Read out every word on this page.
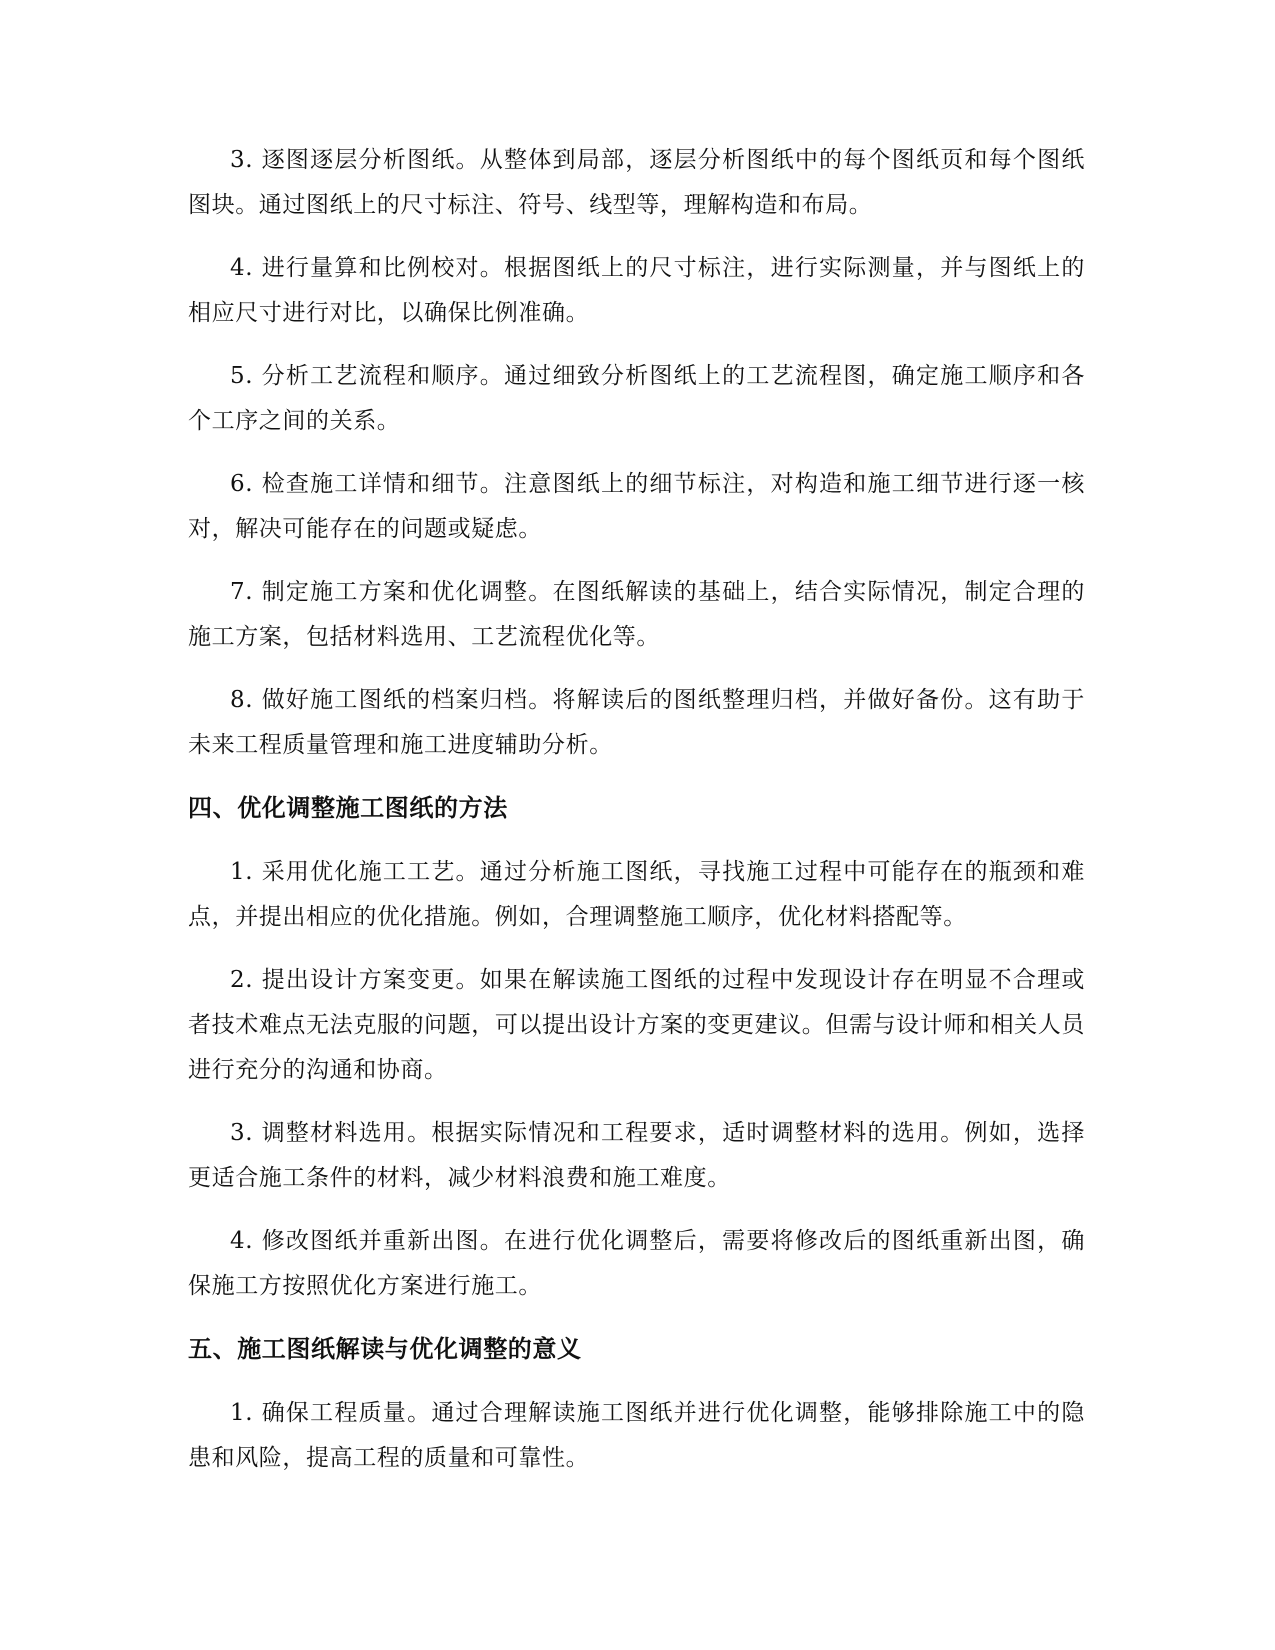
3. 逐图逐层分析图纸。从整体到局部，逐层分析图纸中的每个图纸页和每个图纸图块。通过图纸上的尺寸标注、符号、线型等，理解构造和布局。

4. 进行量算和比例校对。根据图纸上的尺寸标注，进行实际测量，并与图纸上的相应尺寸进行对比，以确保比例准确。

5. 分析工艺流程和顺序。通过细致分析图纸上的工艺流程图，确定施工顺序和各个工序之间的关系。

6. 检查施工详情和细节。注意图纸上的细节标注，对构造和施工细节进行逐一核对，解决可能存在的问题或疑虑。

7. 制定施工方案和优化调整。在图纸解读的基础上，结合实际情况，制定合理的施工方案，包括材料选用、工艺流程优化等。

8. 做好施工图纸的档案归档。将解读后的图纸整理归档，并做好备份。这有助于未来工程质量管理和施工进度辅助分析。

四、优化调整施工图纸的方法

1. 采用优化施工工艺。通过分析施工图纸，寻找施工过程中可能存在的瓶颈和难点，并提出相应的优化措施。例如，合理调整施工顺序，优化材料搭配等。

2. 提出设计方案变更。如果在解读施工图纸的过程中发现设计存在明显不合理或者技术难点无法克服的问题，可以提出设计方案的变更建议。但需与设计师和相关人员进行充分的沟通和协商。

3. 调整材料选用。根据实际情况和工程要求，适时调整材料的选用。例如，选择更适合施工条件的材料，减少材料浪费和施工难度。

4. 修改图纸并重新出图。在进行优化调整后，需要将修改后的图纸重新出图，确保施工方按照优化方案进行施工。

五、施工图纸解读与优化调整的意义

1. 确保工程质量。通过合理解读施工图纸并进行优化调整，能够排除施工中的隐患和风险，提高工程的质量和可靠性。
